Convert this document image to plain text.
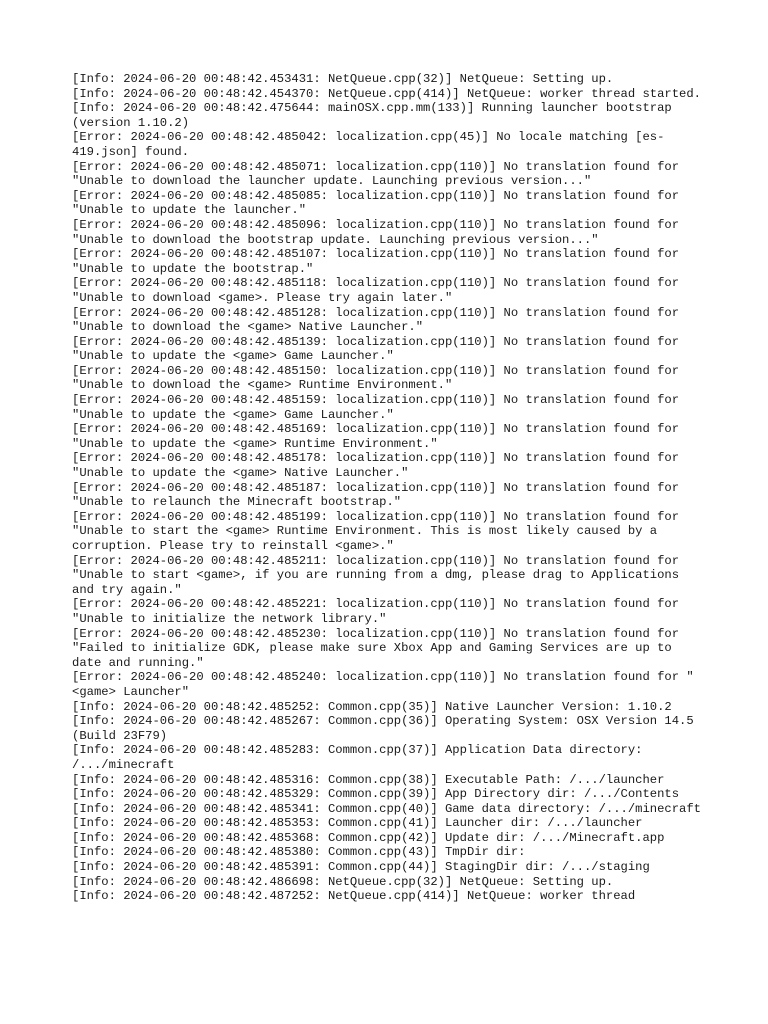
[Info: 2024-06-20 00:48:42.453431: NetQueue.cpp(32)] NetQueue: Setting up.
[Info: 2024-06-20 00:48:42.454370: NetQueue.cpp(414)] NetQueue: worker thread started.
[Info: 2024-06-20 00:48:42.475644: mainOSX.cpp.mm(133)] Running launcher bootstrap (version 1.10.2)
[Error: 2024-06-20 00:48:42.485042: localization.cpp(45)] No locale matching [es-419.json] found.
[Error: 2024-06-20 00:48:42.485071: localization.cpp(110)] No translation found for "Unable to download the launcher update. Launching previous version..."
[Error: 2024-06-20 00:48:42.485085: localization.cpp(110)] No translation found for "Unable to update the launcher."
[Error: 2024-06-20 00:48:42.485096: localization.cpp(110)] No translation found for "Unable to download the bootstrap update. Launching previous version..."
[Error: 2024-06-20 00:48:42.485107: localization.cpp(110)] No translation found for "Unable to update the bootstrap."
[Error: 2024-06-20 00:48:42.485118: localization.cpp(110)] No translation found for "Unable to download <game>. Please try again later."
[Error: 2024-06-20 00:48:42.485128: localization.cpp(110)] No translation found for "Unable to download the <game> Native Launcher."
[Error: 2024-06-20 00:48:42.485139: localization.cpp(110)] No translation found for "Unable to update the <game> Game Launcher."
[Error: 2024-06-20 00:48:42.485150: localization.cpp(110)] No translation found for "Unable to download the <game> Runtime Environment."
[Error: 2024-06-20 00:48:42.485159: localization.cpp(110)] No translation found for "Unable to update the <game> Game Launcher."
[Error: 2024-06-20 00:48:42.485169: localization.cpp(110)] No translation found for "Unable to update the <game> Runtime Environment."
[Error: 2024-06-20 00:48:42.485178: localization.cpp(110)] No translation found for "Unable to update the <game> Native Launcher."
[Error: 2024-06-20 00:48:42.485187: localization.cpp(110)] No translation found for "Unable to relaunch the Minecraft bootstrap."
[Error: 2024-06-20 00:48:42.485199: localization.cpp(110)] No translation found for "Unable to start the <game> Runtime Environment. This is most likely caused by a corruption. Please try to reinstall <game>."
[Error: 2024-06-20 00:48:42.485211: localization.cpp(110)] No translation found for "Unable to start <game>, if you are running from a dmg, please drag to Applications and try again."
[Error: 2024-06-20 00:48:42.485221: localization.cpp(110)] No translation found for "Unable to initialize the network library."
[Error: 2024-06-20 00:48:42.485230: localization.cpp(110)] No translation found for "Failed to initialize GDK, please make sure Xbox App and Gaming Services are up to date and running."
[Error: 2024-06-20 00:48:42.485240: localization.cpp(110)] No translation found for "<game> Launcher"
[Info: 2024-06-20 00:48:42.485252: Common.cpp(35)] Native Launcher Version: 1.10.2
[Info: 2024-06-20 00:48:42.485267: Common.cpp(36)] Operating System: OSX Version 14.5 (Build 23F79)
[Info: 2024-06-20 00:48:42.485283: Common.cpp(37)] Application Data directory: /.../minecraft
[Info: 2024-06-20 00:48:42.485316: Common.cpp(38)] Executable Path: /.../launcher
[Info: 2024-06-20 00:48:42.485329: Common.cpp(39)] App Directory dir: /.../Contents
[Info: 2024-06-20 00:48:42.485341: Common.cpp(40)] Game data directory: /.../minecraft
[Info: 2024-06-20 00:48:42.485353: Common.cpp(41)] Launcher dir: /.../launcher
[Info: 2024-06-20 00:48:42.485368: Common.cpp(42)] Update dir: /.../Minecraft.app
[Info: 2024-06-20 00:48:42.485380: Common.cpp(43)] TmpDir dir:
[Info: 2024-06-20 00:48:42.485391: Common.cpp(44)] StagingDir dir: /.../staging
[Info: 2024-06-20 00:48:42.486698: NetQueue.cpp(32)] NetQueue: Setting up.
[Info: 2024-06-20 00:48:42.487252: NetQueue.cpp(414)] NetQueue: worker thread
